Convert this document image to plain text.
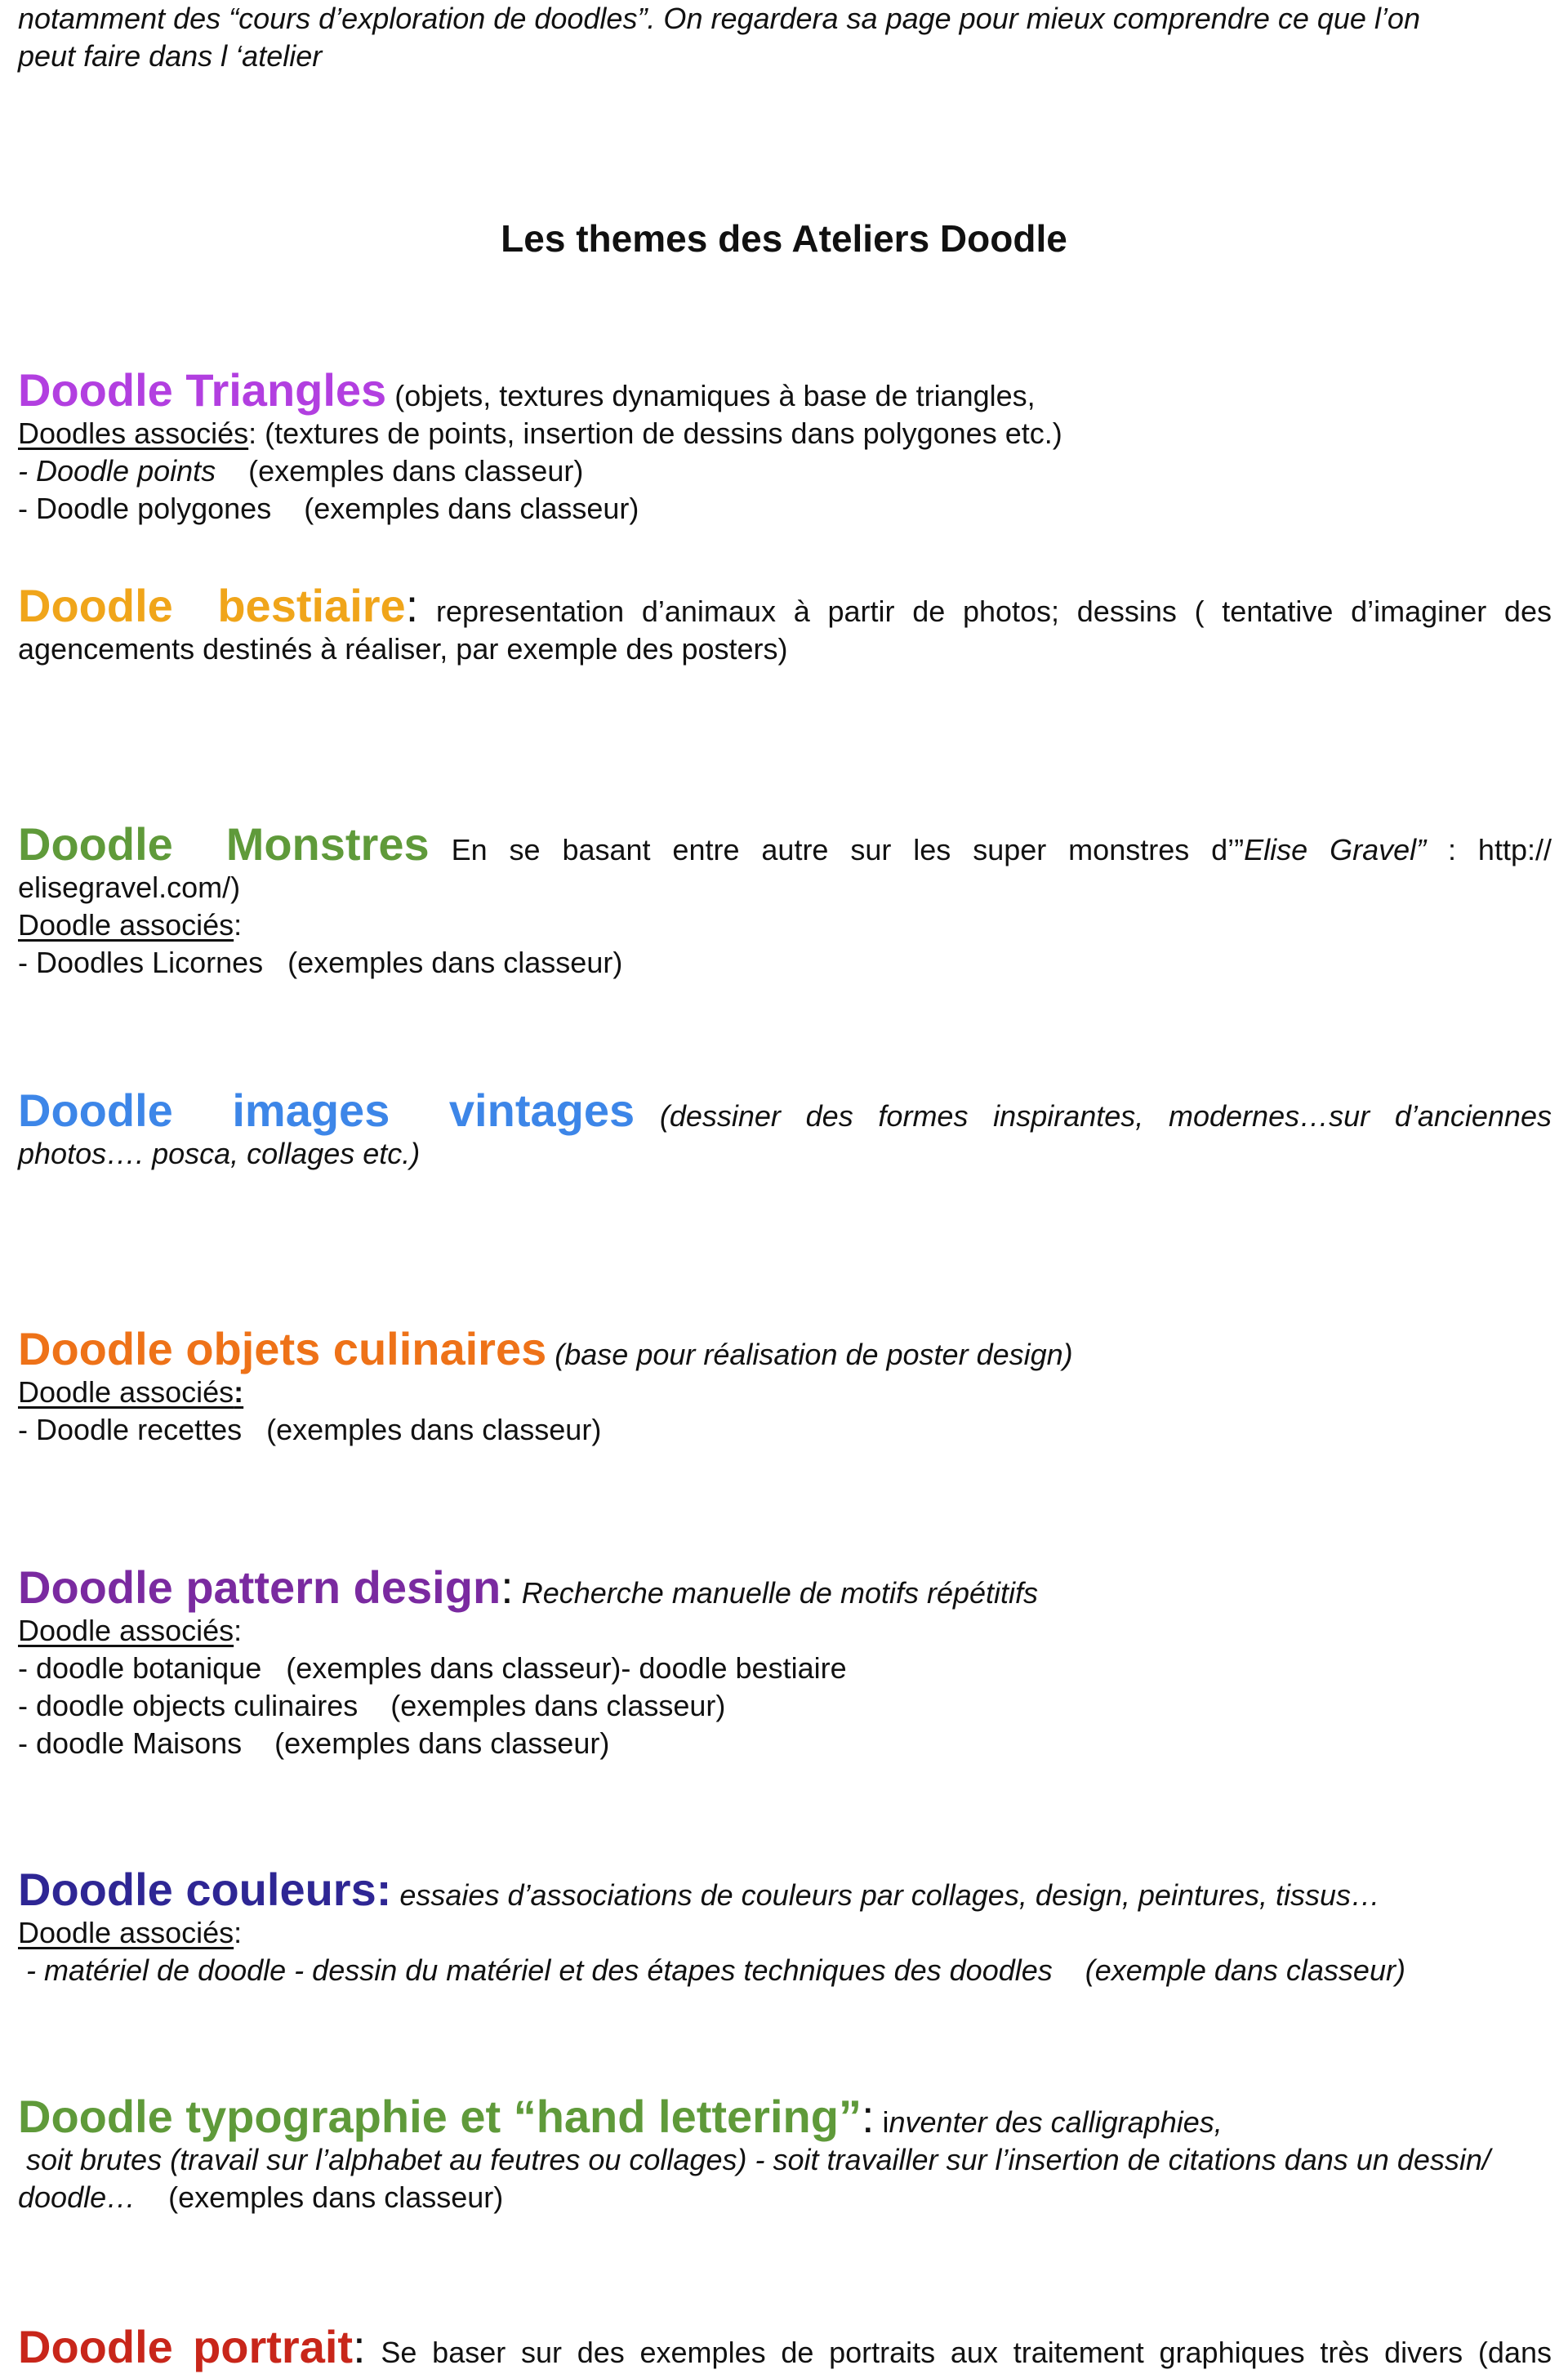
notamment des “cours d’exploration de doodles”. On regardera sa page pour mieux comprendre ce que l’on
peut faire dans l ‘atelier
Les themes des Ateliers Doodle
Doodle Triangles (objets, textures dynamiques à base de triangles,
Doodles associés: (textures de points, insertion de dessins dans polygones etc.)
- Doodle points    (exemples dans classeur)
- Doodle polygones    (exemples dans classeur)
Doodle  bestiaire: representation d’animaux à partir de photos; dessins ( tentative d’imaginer des
agencements destinés à réaliser, par exemple des posters)
Doodle  Monstres En se basant entre autre sur les super monstres d’”Elise Gravel” : http://
elisegravel.com/)
Doodle associés:
- Doodles Licornes   (exemples dans classeur)
Doodle  images  vintages (dessiner des formes inspirantes, modernes…sur d’anciennes
photos…. posca, collages etc.)
Doodle objets culinaires (base pour réalisation de poster design)
Doodle associés:
- Doodle recettes   (exemples dans classeur)
Doodle pattern design: Recherche manuelle de motifs répétitifs
Doodle associés:
- doodle botanique   (exemples dans classeur)- doodle bestiaire
- doodle objects culinaires    (exemples dans classeur)
- doodle Maisons    (exemples dans classeur)
Doodle couleurs: essaies d’associations de couleurs par collages, design, peintures, tissus…
Doodle associés:
- matériel de doodle - dessin du matériel et des étapes techniques des doodles    (exemple dans classeur)
Doodle typographie et “hand lettering”: inventer des calligraphies,
soit brutes (travail sur l’alphabet au feutres ou collages) - soit travailler sur l’insertion de citations dans un dessin/
doodle…    (exemples dans classeur)
Doodle portrait: Se baser sur des exemples de portraits aux traitement graphiques très divers (dans
